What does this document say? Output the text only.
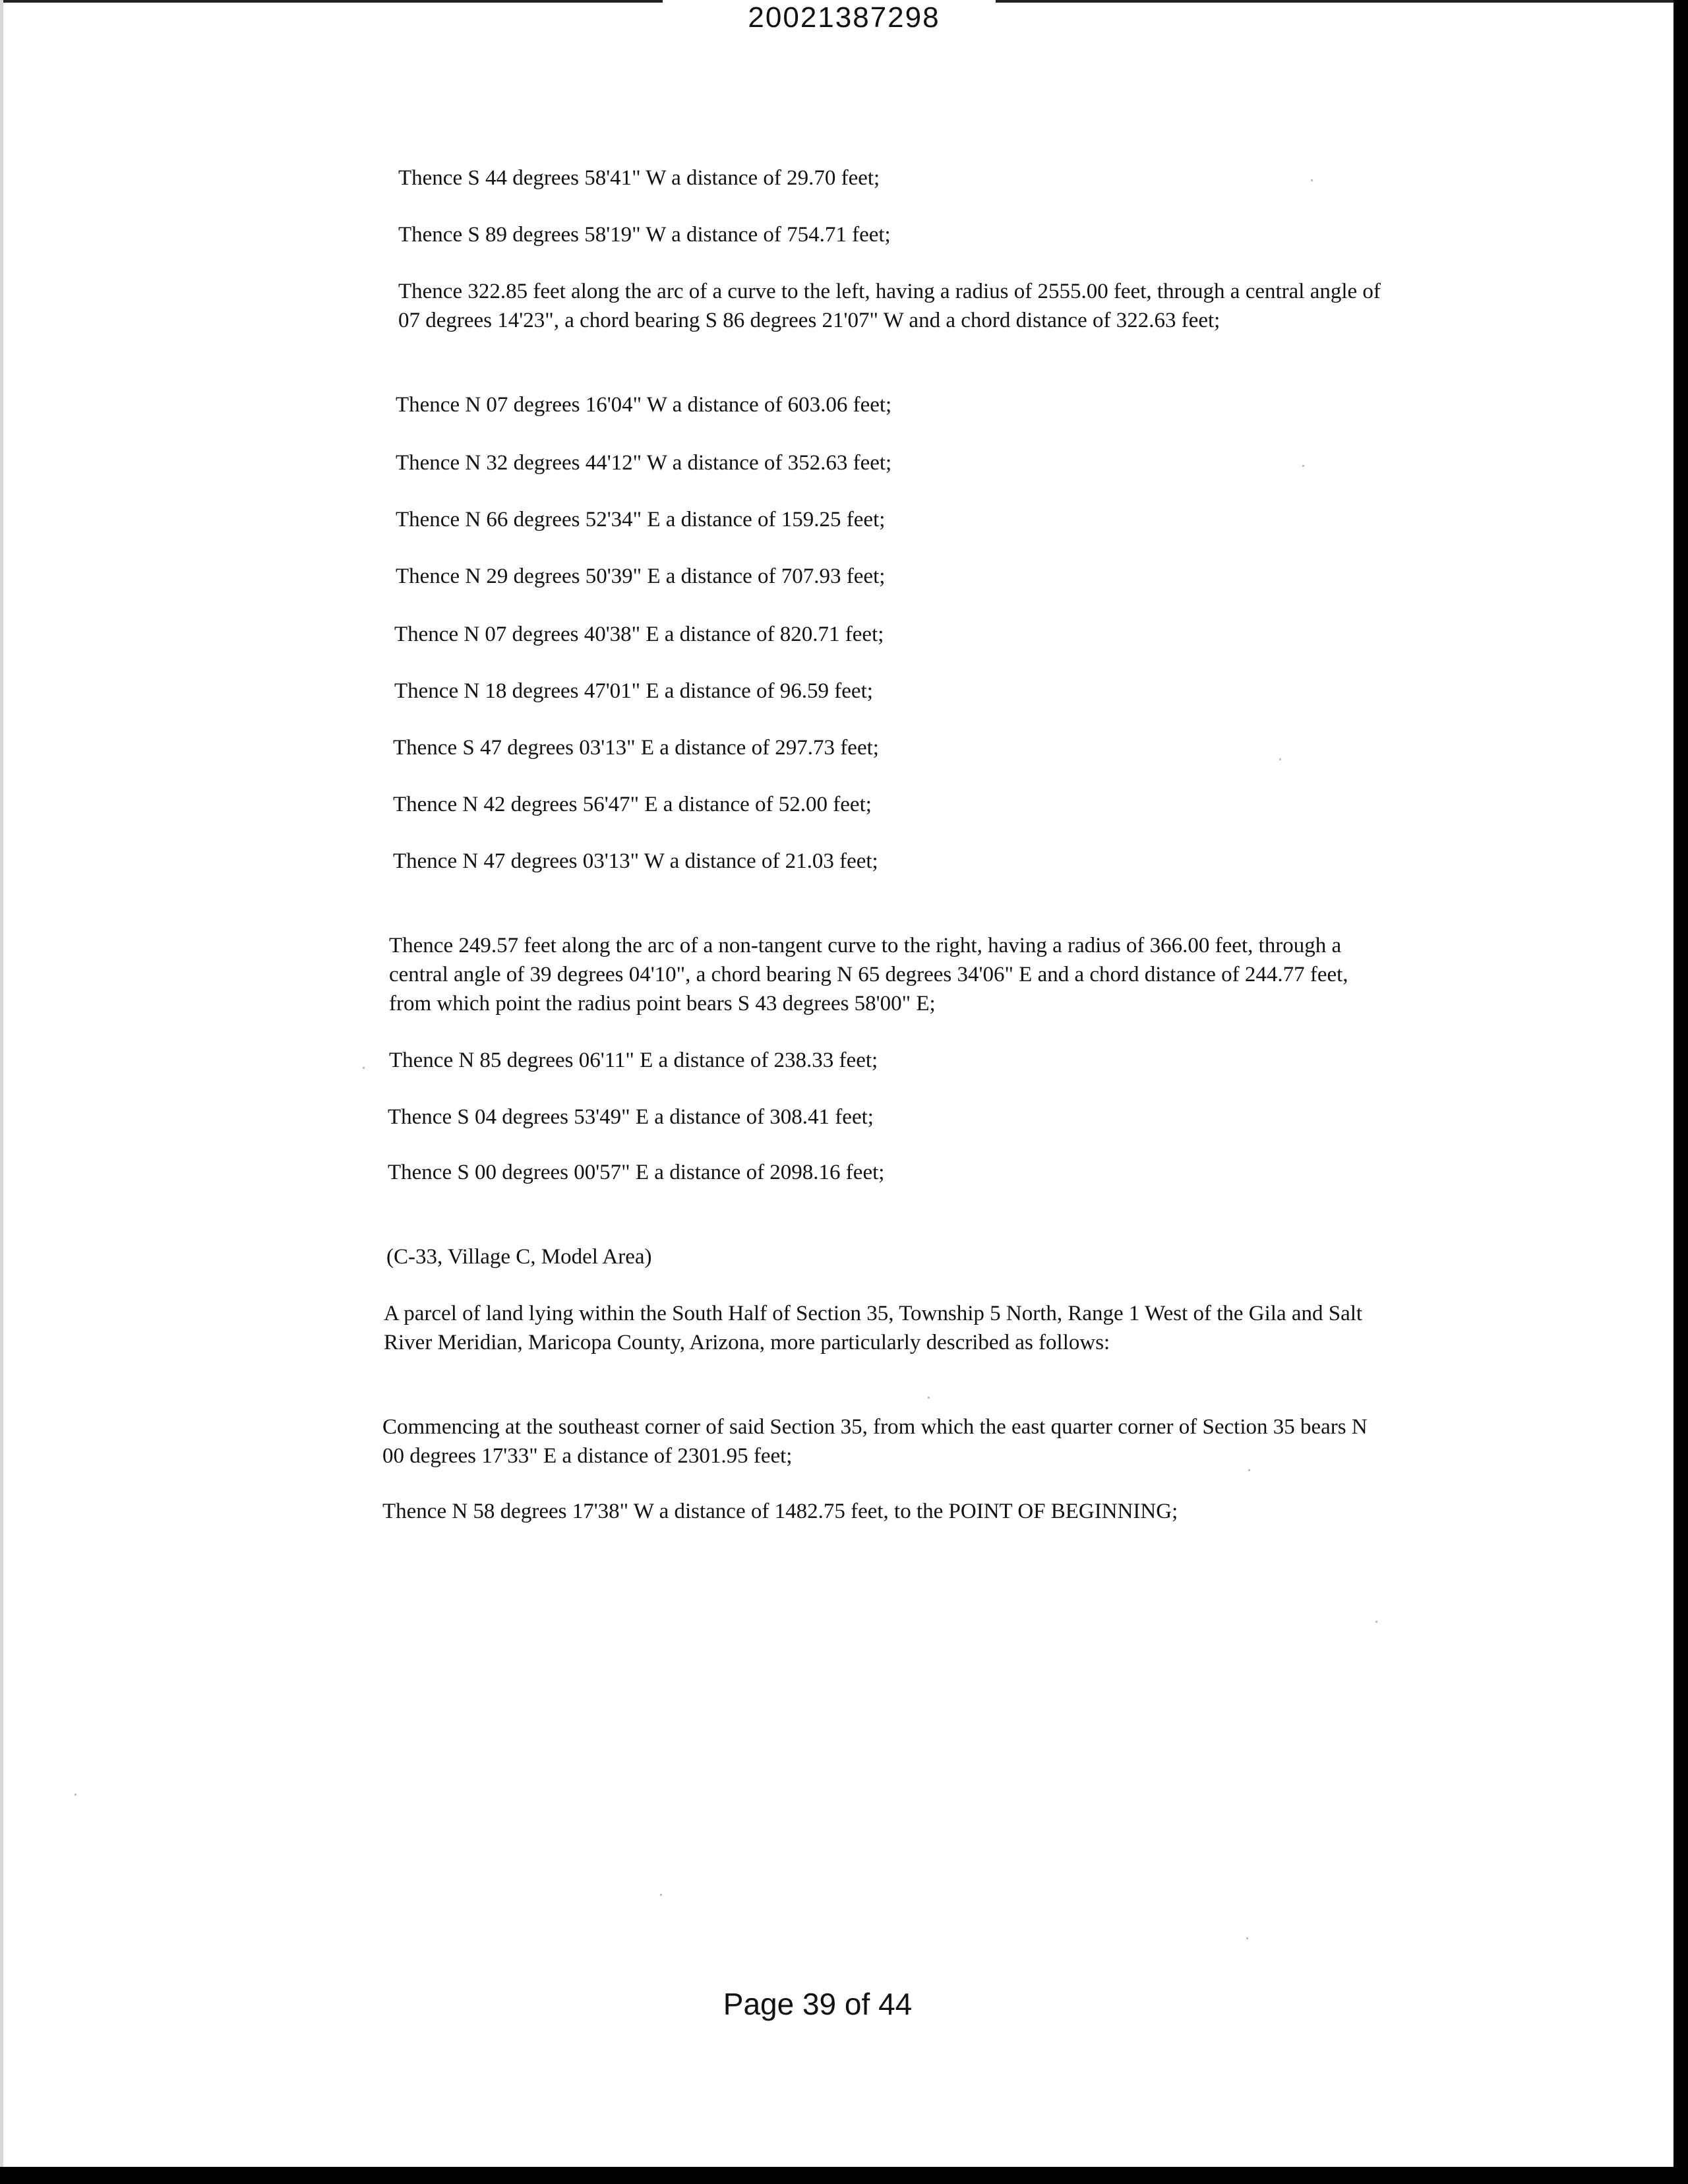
20021387298
Thence S 44 degrees 58'41" W a distance of 29.70 feet;
Thence S 89 degrees 58'19" W a distance of 754.71 feet;
Thence 322.85 feet along the arc of a curve to the left, having a radius of 2555.00 feet, through a central angle of 07 degrees 14'23", a chord bearing S 86 degrees 21'07" W and a chord distance of 322.63 feet;
Thence N 07 degrees 16'04" W a distance of 603.06 feet;
Thence N 32 degrees 44'12" W a distance of 352.63 feet;
Thence N 66 degrees 52'34" E a distance of 159.25 feet;
Thence N 29 degrees 50'39" E a distance of 707.93 feet;
Thence N 07 degrees 40'38" E a distance of 820.71 feet;
Thence N 18 degrees 47'01" E a distance of 96.59 feet;
Thence S 47 degrees 03'13" E a distance of 297.73 feet;
Thence N 42 degrees 56'47" E a distance of 52.00 feet;
Thence N 47 degrees 03'13" W a distance of 21.03 feet;
Thence 249.57 feet along the arc of a non-tangent curve to the right, having a radius of 366.00 feet, through a central angle of 39 degrees 04'10", a chord bearing N 65 degrees 34'06" E and a chord distance of 244.77 feet, from which point the radius point bears S 43 degrees 58'00" E;
Thence N 85 degrees 06'11" E a distance of 238.33 feet;
Thence S 04 degrees 53'49" E a distance of 308.41 feet;
Thence S 00 degrees 00'57" E a distance of 2098.16 feet;
(C-33, Village C, Model Area)
A parcel of land lying within the South Half of Section 35, Township 5 North, Range 1 West of the Gila and Salt River Meridian, Maricopa County, Arizona, more particularly described as follows:
Commencing at the southeast corner of said Section 35, from which the east quarter corner of Section 35 bears N 00 degrees 17'33" E a distance of 2301.95 feet;
Thence N 58 degrees 17'38" W a distance of 1482.75 feet, to the POINT OF BEGINNING;
Page 39 of 44
